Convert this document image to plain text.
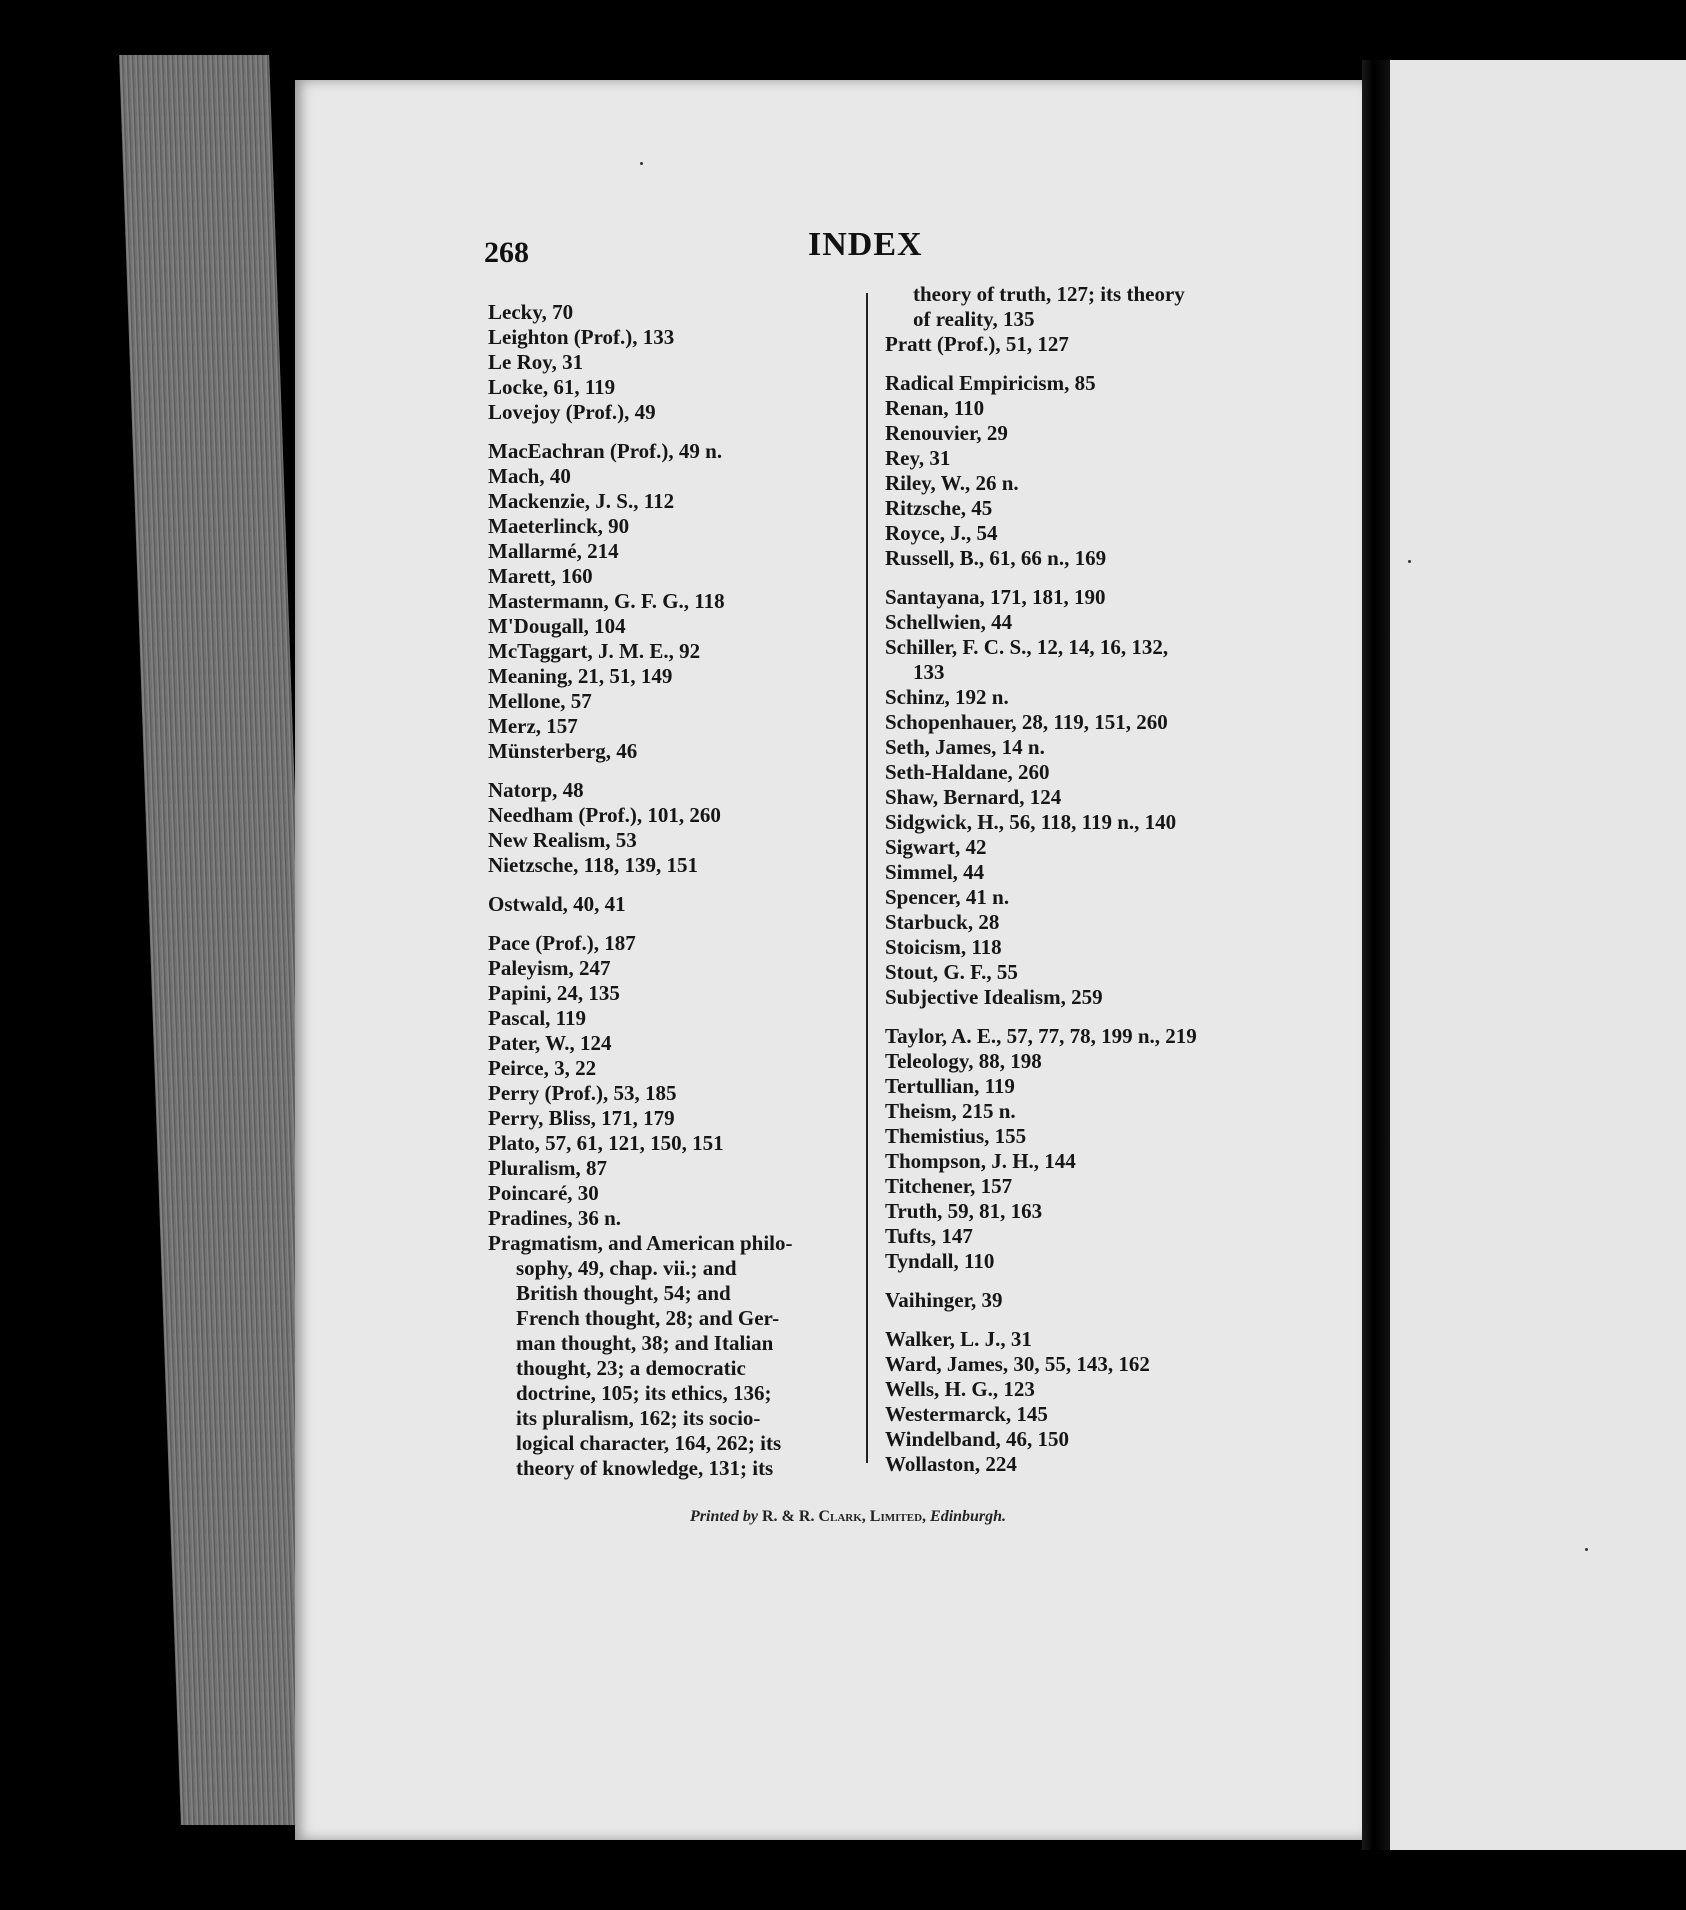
268	INDEX
Lecky, 70
Leighton (Prof.), 133
Le Roy, 31
Locke, 61, 119
Lovejoy (Prof.), 49
MacEachran (Prof.), 49 n.
Mach, 40
Mackenzie, J. S., 112
Maeterlinck, 90
Mallarmé, 214
Marett, 160
Mastermann, G. F. G., 118
M'Dougall, 104
McTaggart, J. M. E., 92
Meaning, 21, 51, 149
Mellone, 57
Merz, 157
Münsterberg, 46
Natorp, 48
Needham (Prof.), 101, 260
New Realism, 53
Nietzsche, 118, 139, 151
Ostwald, 40, 41
Pace (Prof.), 187
Paleyism, 247
Papini, 24, 135
Pascal, 119
Pater, W., 124
Peirce, 3, 22
Perry (Prof.), 53, 185
Perry, Bliss, 171, 179
Plato, 57, 61, 121, 150, 151
Pluralism, 87
Poincaré, 30
Pradines, 36 n.
Pragmatism, and American philo-
sophy, 49, chap. vii.; and
British thought, 54; and
French thought, 28; and Ger-
man thought, 38; and Italian
thought, 23; a democratic
doctrine, 105; its ethics, 136;
its pluralism, 162; its socio-
logical character, 164, 262; its
theory of knowledge, 131; its
theory of truth, 127; its theory
of reality, 135
Pratt (Prof.), 51, 127
Radical Empiricism, 85
Renan, 110
Renouvier, 29
Rey, 31
Riley, W., 26 n.
Ritzsche, 45
Royce, J., 54
Russell, B., 61, 66 n., 169
Santayana, 171, 181, 190
Schellwien, 44
Schiller, F. C. S., 12, 14, 16, 132,
133
Schinz, 192 n.
Schopenhauer, 28, 119, 151, 260
Seth, James, 14 n.
Seth-Haldane, 260
Shaw, Bernard, 124
Sidgwick, H., 56, 118, 119 n., 140
Sigwart, 42
Simmel, 44
Spencer, 41 n.
Starbuck, 28
Stoicism, 118
Stout, G. F., 55
Subjective Idealism, 259
Taylor, A. E., 57, 77, 78, 199 n., 219
Teleology, 88, 198
Tertullian, 119
Theism, 215 n.
Themistius, 155
Thompson, J. H., 144
Titchener, 157
Truth, 59, 81, 163
Tufts, 147
Tyndall, 110
Vaihinger, 39
Walker, L. J., 31
Ward, James, 30, 55, 143, 162
Wells, H. G., 123
Westermarck, 145
Windelband, 46, 150
Wollaston, 224
Printed by R. & R. Clark, Limited, Edinburgh.
